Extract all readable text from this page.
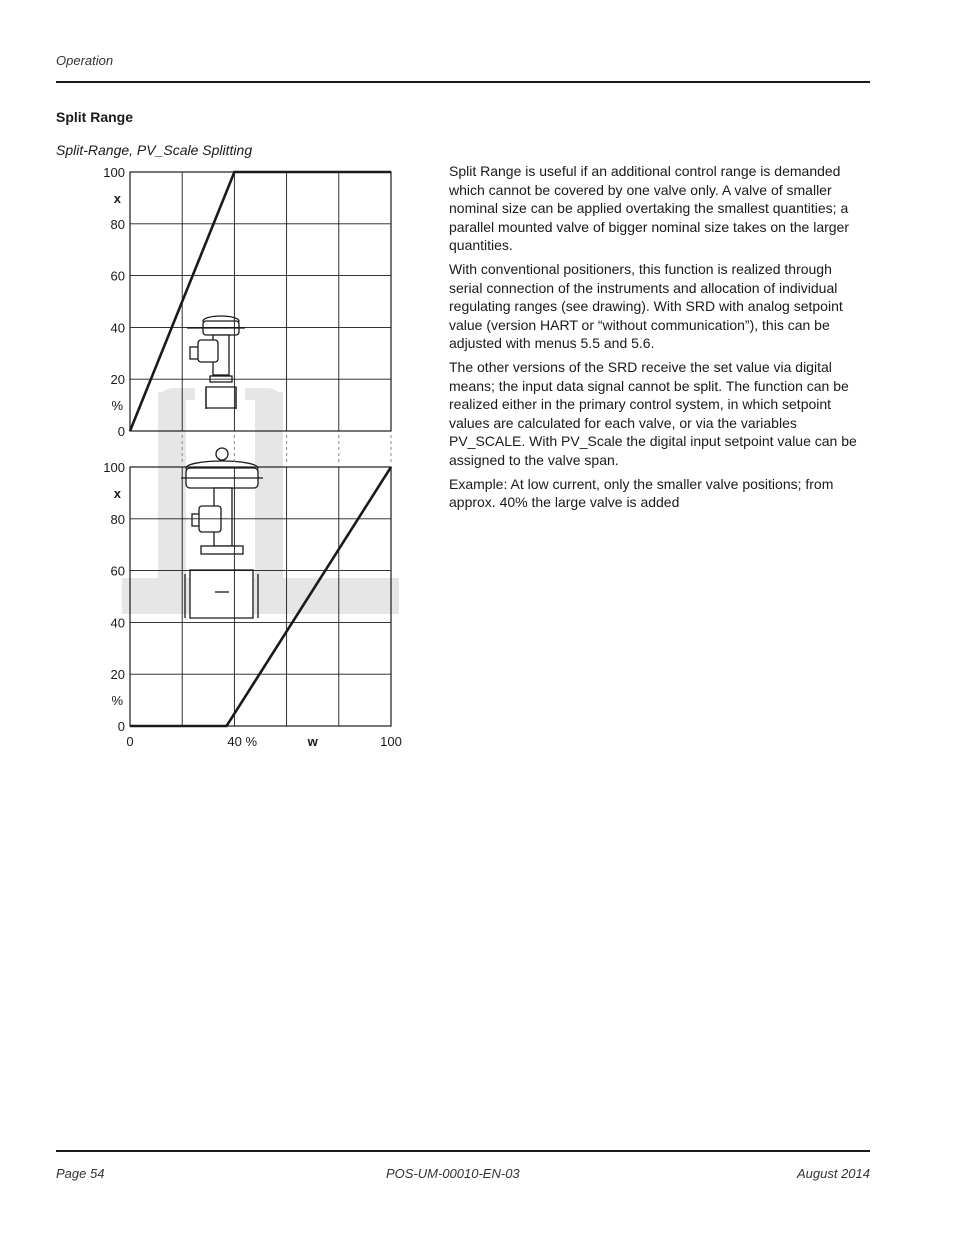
Operation
Split Range
Split-Range, PV_Scale Splitting
0
20
40
60
80
100
x
%
0
20
40
60
80
100
x
%
0	40 %	100
w

Split Range is useful if an additional control range is demanded which cannot be covered by one valve only. A valve of smaller nominal size can be applied overtaking the smallest quantities; a parallel mounted valve of bigger nominal size takes on the larger quantities.

With conventional positioners, this function is realized through serial connection of the instruments and allocation of individual regulating ranges (see drawing). With SRD with analog setpoint value (version HART or “without communication”), this can be adjusted with menus 5.5 and 5.6.

The other versions of the SRD receive the set value via digital means; the input data signal cannot be split. The function can be realized either in the primary control system, in which setpoint values are calculated for each valve, or via the variables PV_SCALE. With PV_Scale the digital input setpoint value can be assigned to the valve span.

Example: At low current, only the smaller valve positions; from approx. 40% the large valve is added

Page 54	POS-UM-00010-EN-03	August 2014
